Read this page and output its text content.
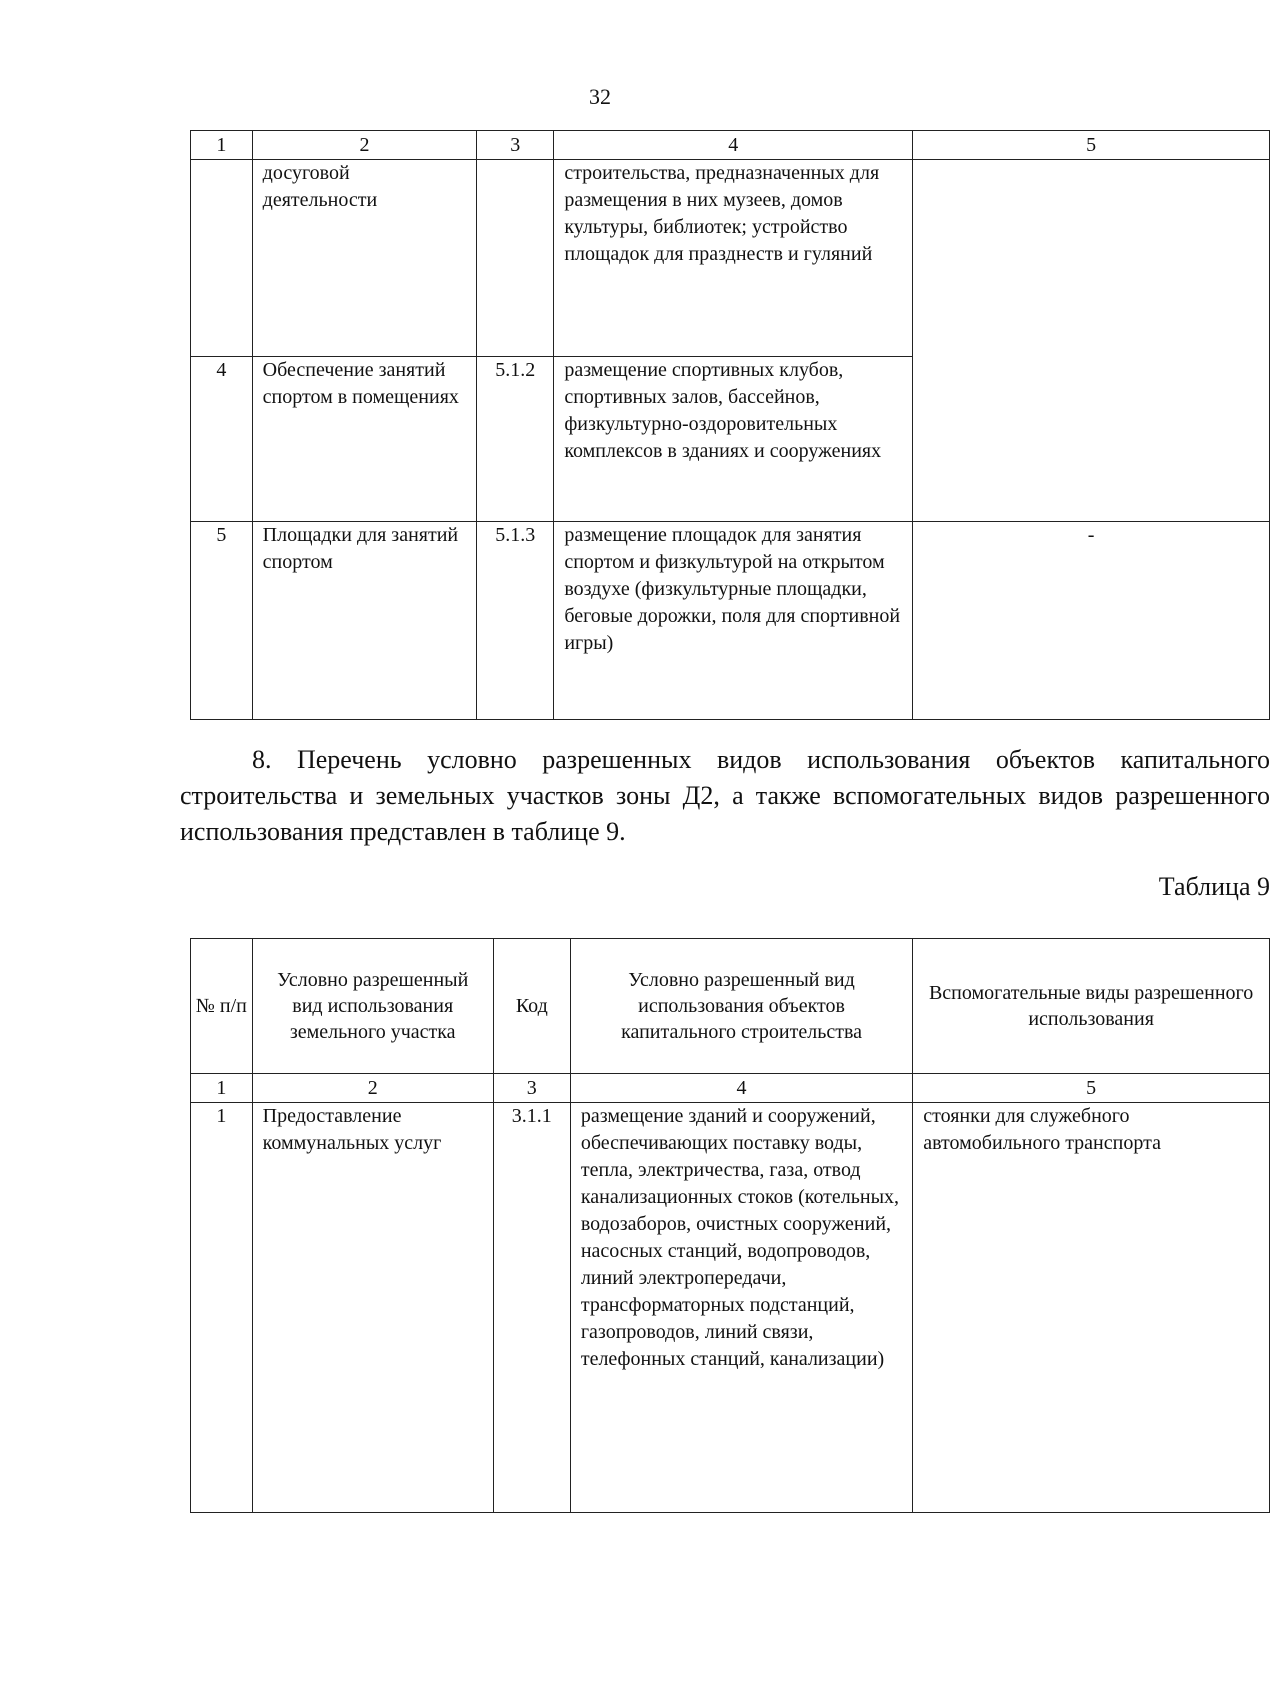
32
1	2	3	4	5
	досуговой деятельности		строительства, предназначенных для размещения в них музеев, домов культуры, библиотек; устройство площадок для празднеств и гуляний	
4	Обеспечение занятий спортом в помещениях	5.1.2	размещение спортивных клубов, спортивных залов, бассейнов, физкультурно-оздоровительных комплексов в зданиях и сооружениях	
5	Площадки для занятий спортом	5.1.3	размещение площадок для занятия спортом и физкультурой на открытом воздухе (физкультурные площадки, беговые дорожки, поля для спортивной игры)	-
8. Перечень условно разрешенных видов использования объектов капитального строительства и земельных участков зоны Д2, а также вспомогательных видов разрешенного использования представлен в таблице 9.
Таблица 9
№ п/п	Условно разрешенный вид использования земельного участка	Код	Условно разрешенный вид использования объектов капитального строительства	Вспомогательные виды разрешенного использования
1	2	3	4	5
1	Предоставление коммунальных услуг	3.1.1	размещение зданий и сооружений, обеспечивающих поставку воды, тепла, электричества, газа, отвод канализационных стоков (котельных, водозаборов, очистных сооружений, насосных станций, водопроводов, линий электропередачи, трансформаторных подстанций, газопроводов, линий связи, телефонных станций, канализации)	стоянки для служебного автомобильного транспорта
